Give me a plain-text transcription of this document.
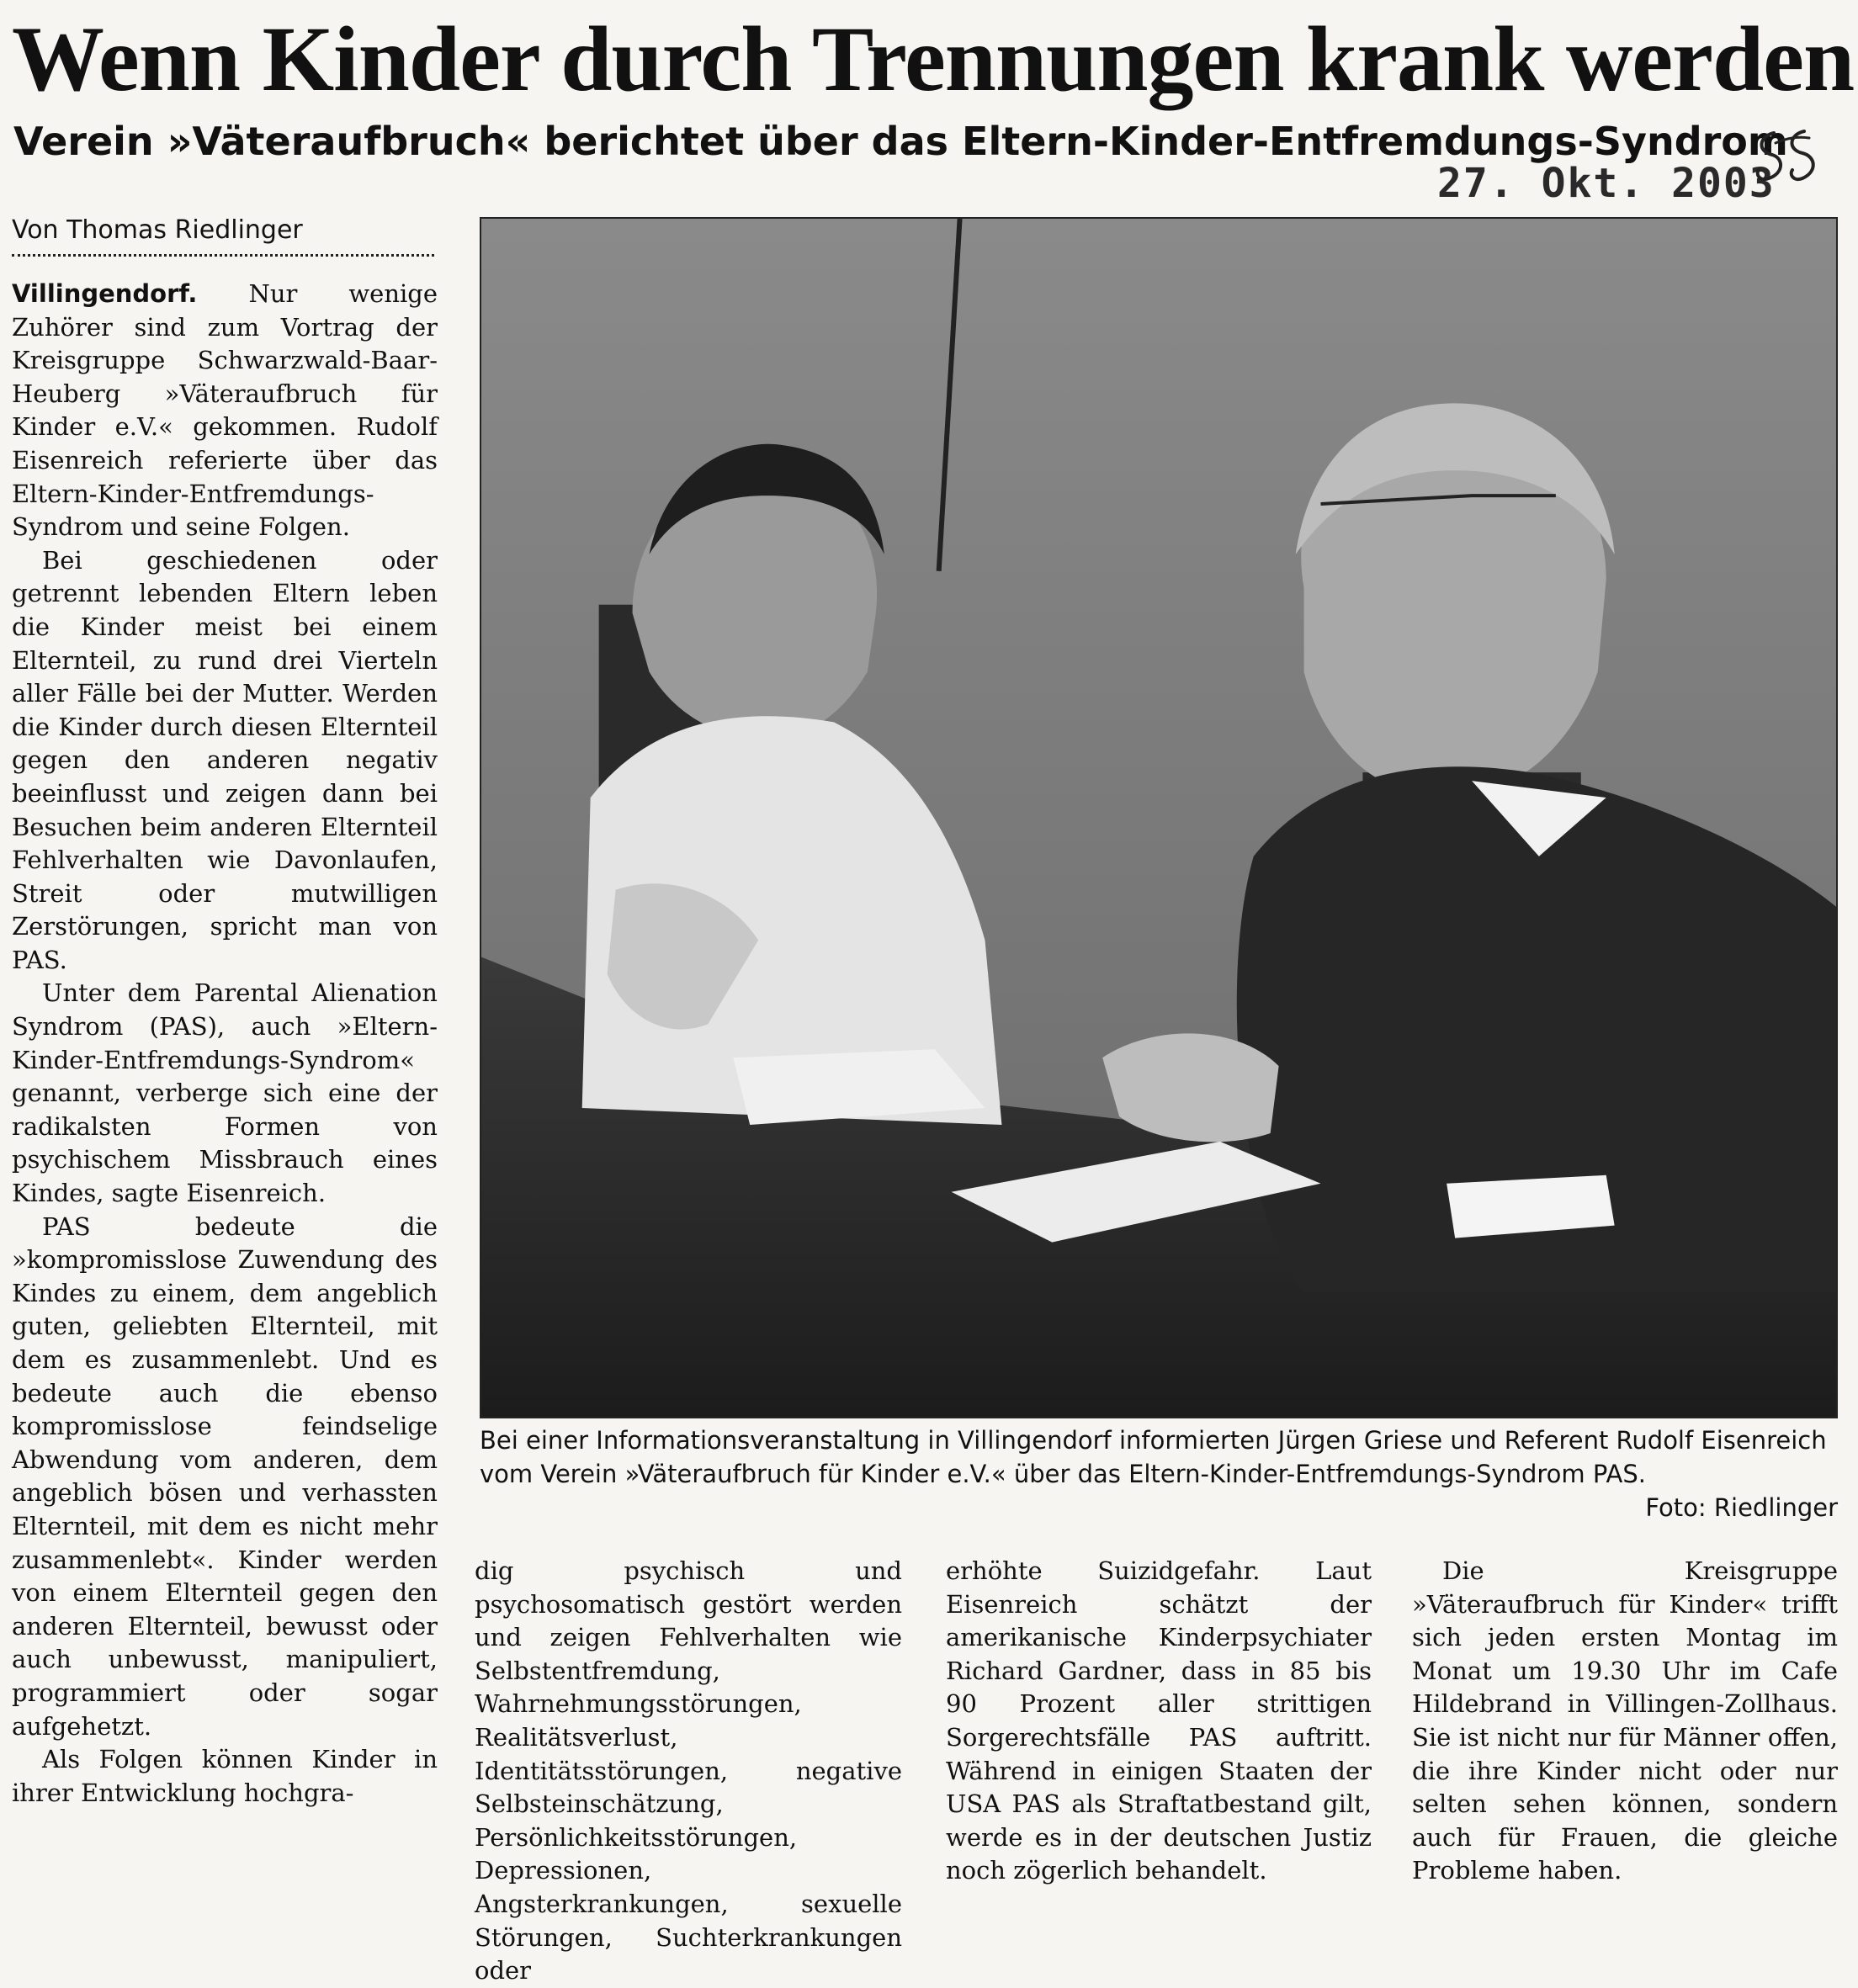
Wenn Kinder durch Trennungen krank werden
Verein »Väteraufbruch« berichtet über das Eltern-Kinder-Entfremdungs-Syndrom
27. Okt. 2003
Von Thomas Riedlinger

Villingendorf. Nur wenige Zuhörer sind zum Vortrag der Kreisgruppe Schwarzwald-Baar-Heuberg »Väteraufbruch für Kinder e.V.« gekommen. Rudolf Eisenreich referierte über das Eltern-Kinder-Entfremdungs-Syndrom und seine Folgen.

Bei geschiedenen oder getrennt lebenden Eltern leben die Kinder meist bei einem Elternteil, zu rund drei Vierteln aller Fälle bei der Mutter. Werden die Kinder durch diesen Elternteil gegen den anderen negativ beeinflusst und zeigen dann bei Besuchen beim anderen Elternteil Fehlverhalten wie Davonlaufen, Streit oder mutwilligen Zerstörungen, spricht man von PAS.

Unter dem Parental Alienation Syndrom (PAS), auch »Eltern-Kinder-Entfremdungs-Syndrom« genannt, verberge sich eine der radikalsten Formen von psychischem Missbrauch eines Kindes, sagte Eisenreich.

PAS bedeute die »kompromisslose Zuwendung des Kindes zu einem, dem angeblich guten, geliebten Elternteil, mit dem es zusammenlebt. Und es bedeute auch die ebenso kompromisslose feindselige Abwendung vom anderen, dem angeblich bösen und verhassten Elternteil, mit dem es nicht mehr zusammenlebt«. Kinder werden von einem Elternteil gegen den anderen Elternteil, bewusst oder auch unbewusst, manipuliert, programmiert oder sogar aufgehetzt.

Als Folgen können Kinder in ihrer Entwicklung hochgra-

Bei einer Informationsveranstaltung in Villingendorf informierten Jürgen Griese und Referent Rudolf Eisenreich vom Verein »Väteraufbruch für Kinder e.V.« über das Eltern-Kinder-Entfremdungs-Syndrom PAS.
Foto: Riedlinger

dig psychisch und psychosomatisch gestört werden und zeigen Fehlverhalten wie Selbstentfremdung, Wahrnehmungsstörungen, Realitätsverlust, Identitätsstörungen, negative Selbsteinschätzung, Persönlichkeitsstörungen, Depressionen, Angsterkrankungen, sexuelle Störungen, Suchterkrankungen oder

erhöhte Suizidgefahr. Laut Eisenreich schätzt der amerikanische Kinderpsychiater Richard Gardner, dass in 85 bis 90 Prozent aller strittigen Sorgerechtsfälle PAS auftritt. Während in einigen Staaten der USA PAS als Straftatbestand gilt, werde es in der deutschen Justiz noch zögerlich behandelt.

Die Kreisgruppe »Väteraufbruch für Kinder« trifft sich jeden ersten Montag im Monat um 19.30 Uhr im Cafe Hildebrand in Villingen-Zollhaus. Sie ist nicht nur für Männer offen, die ihre Kinder nicht oder nur selten sehen können, sondern auch für Frauen, die gleiche Probleme haben.
